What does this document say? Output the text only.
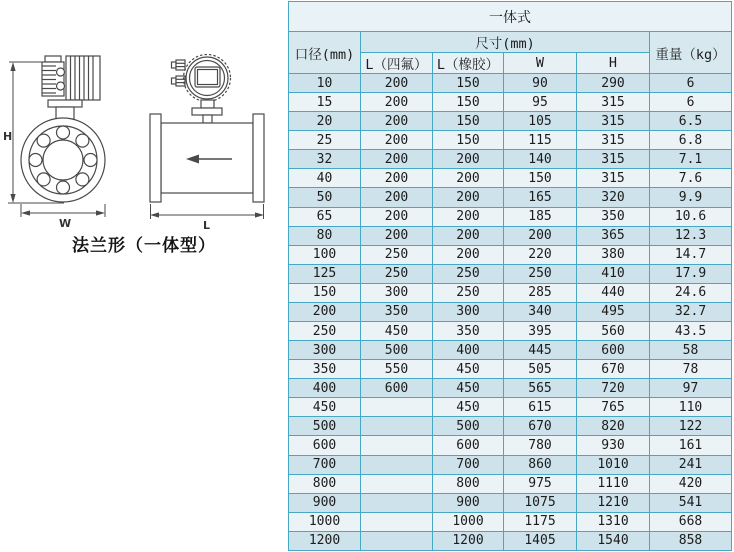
H
W	L
法兰形（一体型）
一体式					
口径(mm)	尺寸(mm)				重量（kg）
	L（四氟）	L（橡胶）	W	H	
10	200	150	90	290	6
15	200	150	95	315	6
20	200	150	105	315	6.5
25	200	150	115	315	6.8
32	200	200	140	315	7.1
40	200	200	150	315	7.6
50	200	200	165	320	9.9
65	200	200	185	350	10.6
80	200	200	200	365	12.3
100	250	200	220	380	14.7
125	250	250	250	410	17.9
150	300	250	285	440	24.6
200	350	300	340	495	32.7
250	450	350	395	560	43.5
300	500	400	445	600	58
350	550	450	505	670	78
400	600	450	565	720	97
450		450	615	765	110
500		500	670	820	122
600		600	780	930	161
700		700	860	1010	241
800		800	975	1110	420
900		900	1075	1210	541
1000		1000	1175	1310	668
1200		1200	1405	1540	858
